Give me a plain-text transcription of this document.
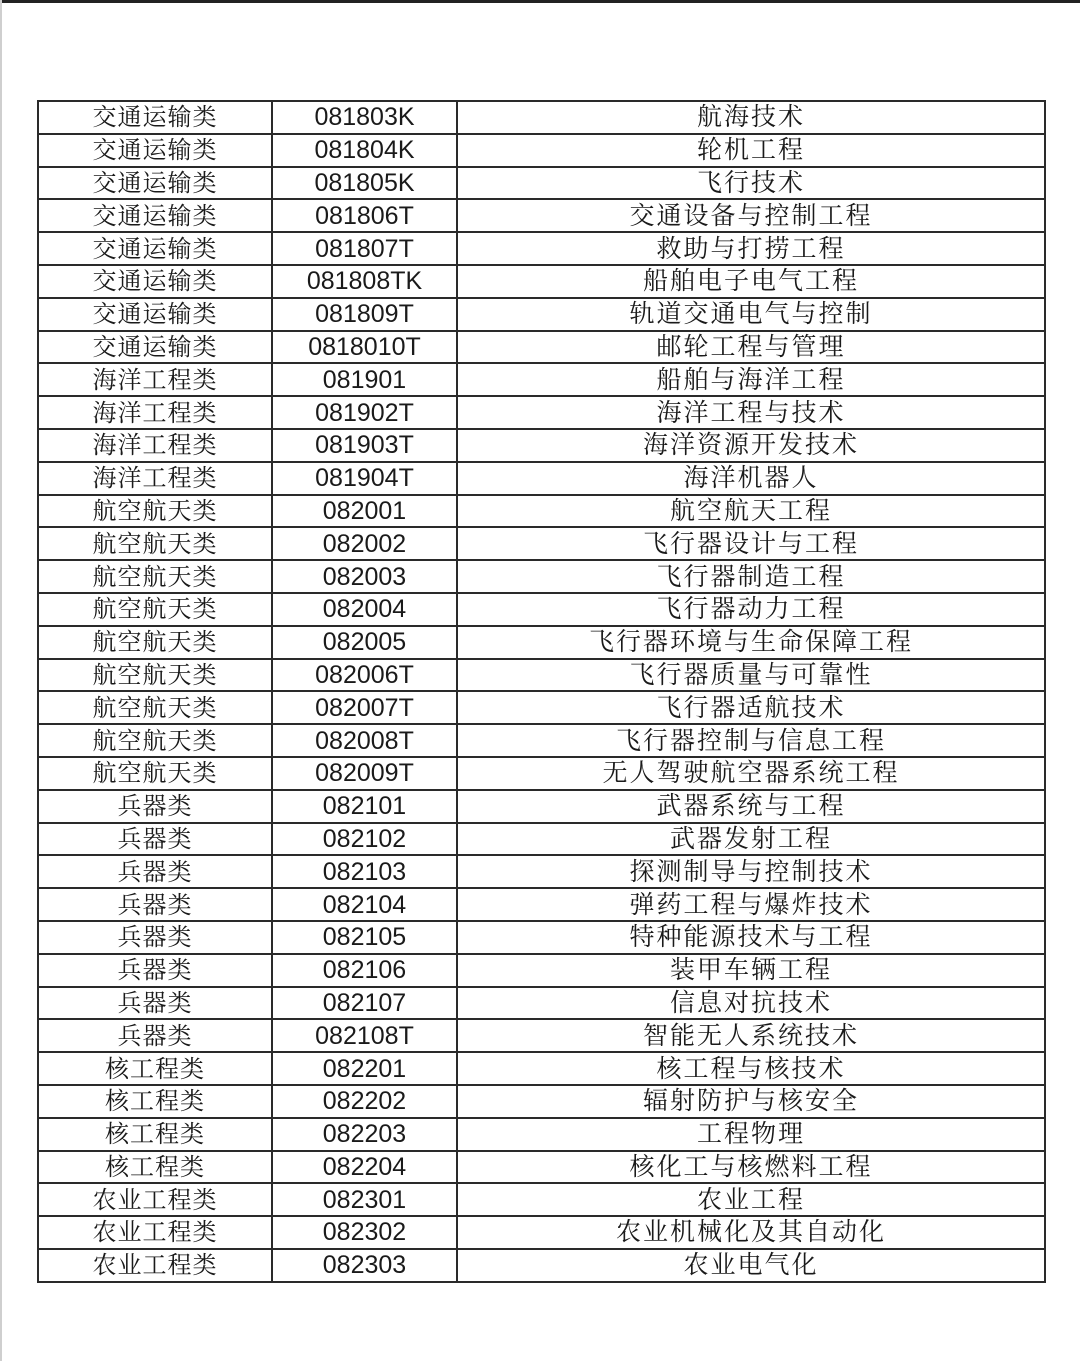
交通运输类	081803K	航海技术
交通运输类	081804K	轮机工程
交通运输类	081805K	飞行技术
交通运输类	081806T	交通设备与控制工程
交通运输类	081807T	救助与打捞工程
交通运输类	081808TK	船舶电子电气工程
交通运输类	081809T	轨道交通电气与控制
交通运输类	0818010T	邮轮工程与管理
海洋工程类	081901	船舶与海洋工程
海洋工程类	081902T	海洋工程与技术
海洋工程类	081903T	海洋资源开发技术
海洋工程类	081904T	海洋机器人
航空航天类	082001	航空航天工程
航空航天类	082002	飞行器设计与工程
航空航天类	082003	飞行器制造工程
航空航天类	082004	飞行器动力工程
航空航天类	082005	飞行器环境与生命保障工程
航空航天类	082006T	飞行器质量与可靠性
航空航天类	082007T	飞行器适航技术
航空航天类	082008T	飞行器控制与信息工程
航空航天类	082009T	无人驾驶航空器系统工程
兵器类	082101	武器系统与工程
兵器类	082102	武器发射工程
兵器类	082103	探测制导与控制技术
兵器类	082104	弹药工程与爆炸技术
兵器类	082105	特种能源技术与工程
兵器类	082106	装甲车辆工程
兵器类	082107	信息对抗技术
兵器类	082108T	智能无人系统技术
核工程类	082201	核工程与核技术
核工程类	082202	辐射防护与核安全
核工程类	082203	工程物理
核工程类	082204	核化工与核燃料工程
农业工程类	082301	农业工程
农业工程类	082302	农业机械化及其自动化
农业工程类	082303	农业电气化
